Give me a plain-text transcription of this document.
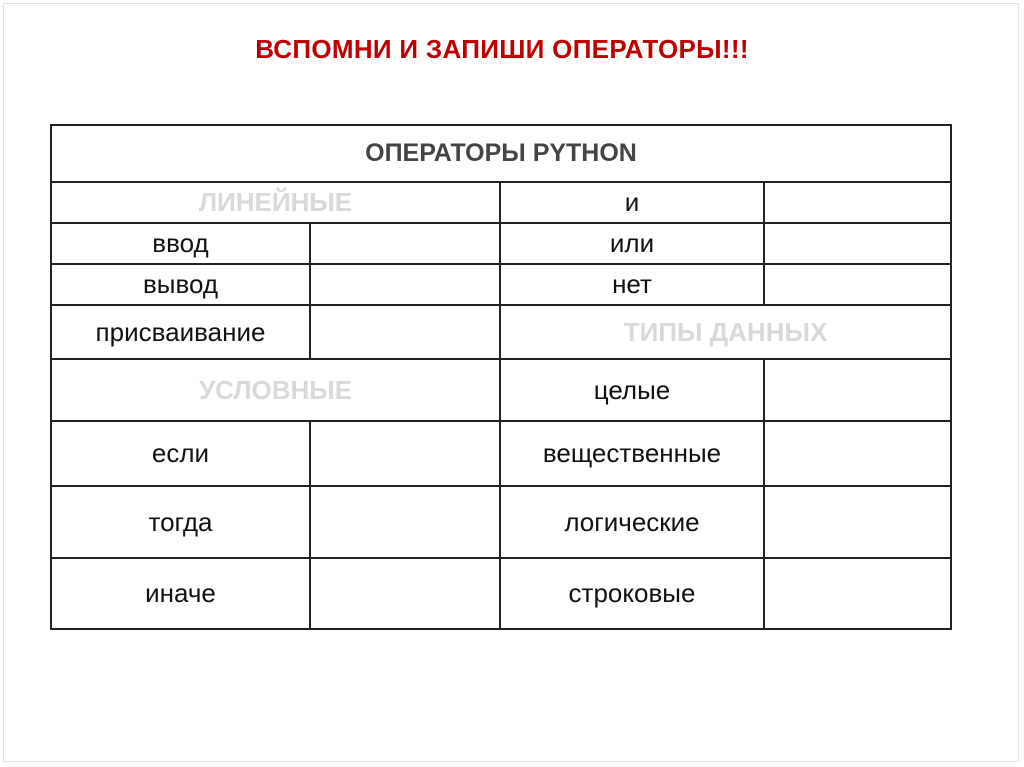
ВСПОМНИ И ЗАПИШИ ОПЕРАТОРЫ!!!
ОПЕРАТОРЫ PYTHON			
ЛИНЕЙНЫЕ		и	
ввод		или	
вывод		нет	
присваивание		ТИПЫ ДАННЫХ	
УСЛОВНЫЕ		целые	
если		вещественные	
тогда		логические	
иначе		строковые	
